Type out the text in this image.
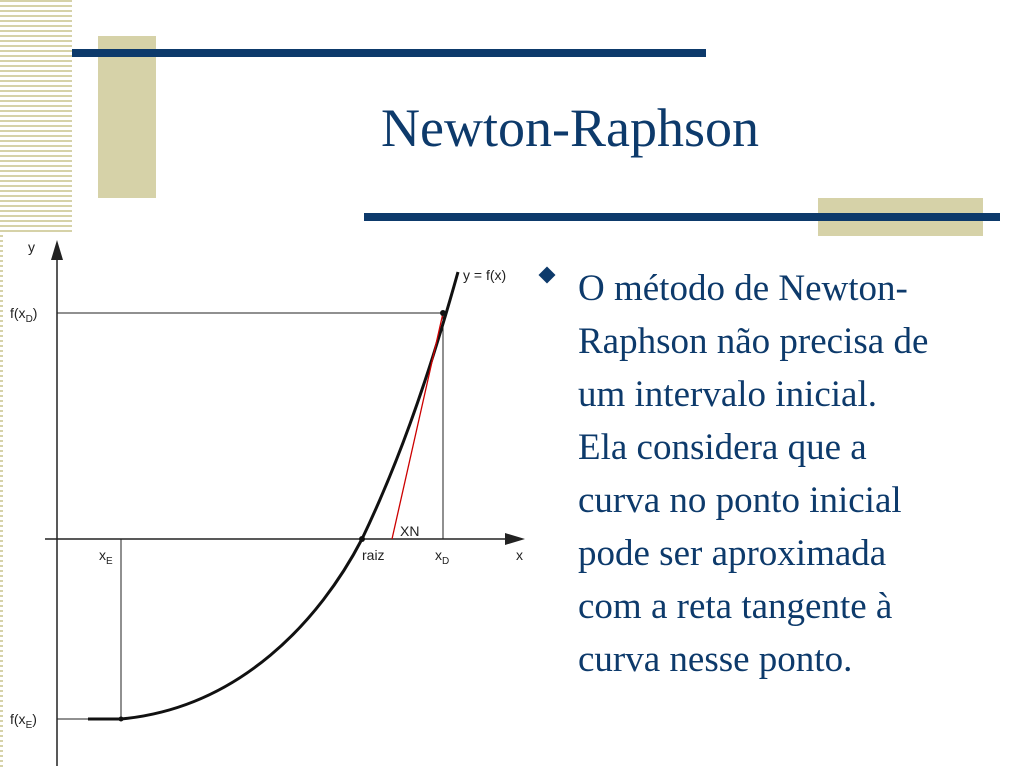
Newton-Raphson
O método de Newton-
Raphson não precisa de
um intervalo inicial.
Ela considera que a
curva no ponto inicial
pode ser aproximada
com a reta tangente à
curva nesse ponto.
y
x
y = f(x)
$f(x_D)$
$f(x_E)$
$x_E$	$x_D$
raiz
XN
